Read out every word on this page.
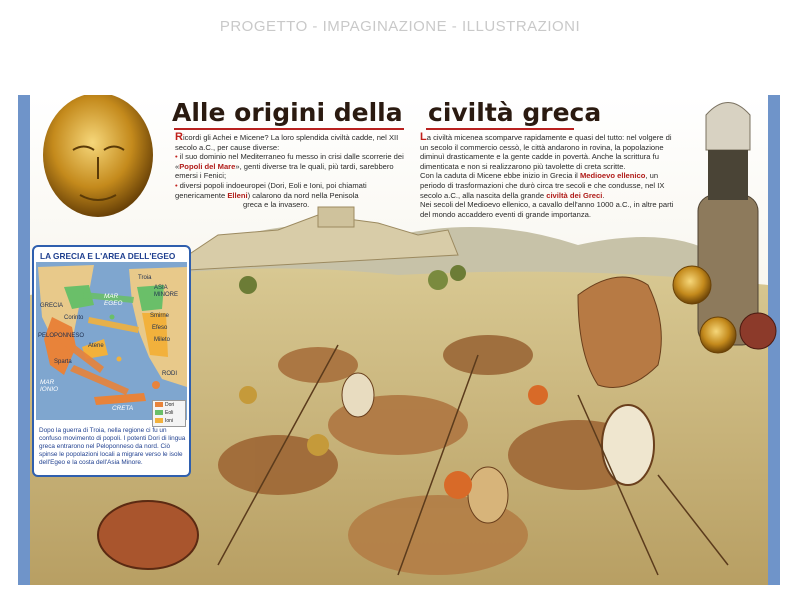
PROGETTO - IMPAGINAZIONE - ILLUSTRAZIONI
Alle origini della civiltà greca

Ricordi gli Achei e Micene? La loro splendida civiltà cadde, nel XII secolo a.C., per cause diverse:

• il suo dominio nel Mediterraneo fu messo in crisi dalle scorrerie dei «Popoli del Mare», genti diverse tra le quali, più tardi, sarebbero emersi i Fenici;

• diversi popoli indoeuropei (Dori, Eoli e Ioni, poi chiamati genericamente Elleni) calarono da nord nella Penisola

greca e la invasero.

La civiltà micenea scomparve rapidamente e quasi del tutto: nel volgere di un secolo il commercio cessò, le città andarono in rovina, la popolazione diminuì drasticamente e la gente cadde in povertà. Anche la scrittura fu dimenticata e non si realizzarono più tavolette di creta scritte.

Con la caduta di Micene ebbe inizio in Grecia il Medioevo ellenico, un periodo di trasformazioni che durò circa tre secoli e che condusse, nel IX secolo a.C., alla nascita della grande civiltà dei Greci.

Nei secoli del Medioevo ellenico, a cavallo dell'anno 1000 a.C., in altre parti del mondo accaddero eventi di grande importanza.

LA GRECIA E L'AREA DELL'EGEO
Troia
ASIA MINORE
MAR EGEO
GRECIA
Corinto	Smirne
Efeso
Mileto
Atene
PELOPONNESO
Sparta
RODI
MAR IONIO
CRETA	Dori
Eoli
Ioni
Dopo la guerra di Troia, nella regione ci fu un confuso movimento di popoli. I potenti Dori di lingua greca entrarono nel Peloponneso da nord. Ciò spinse le popolazioni locali a migrare verso le isole dell'Egeo e la costa dell'Asia Minore.
